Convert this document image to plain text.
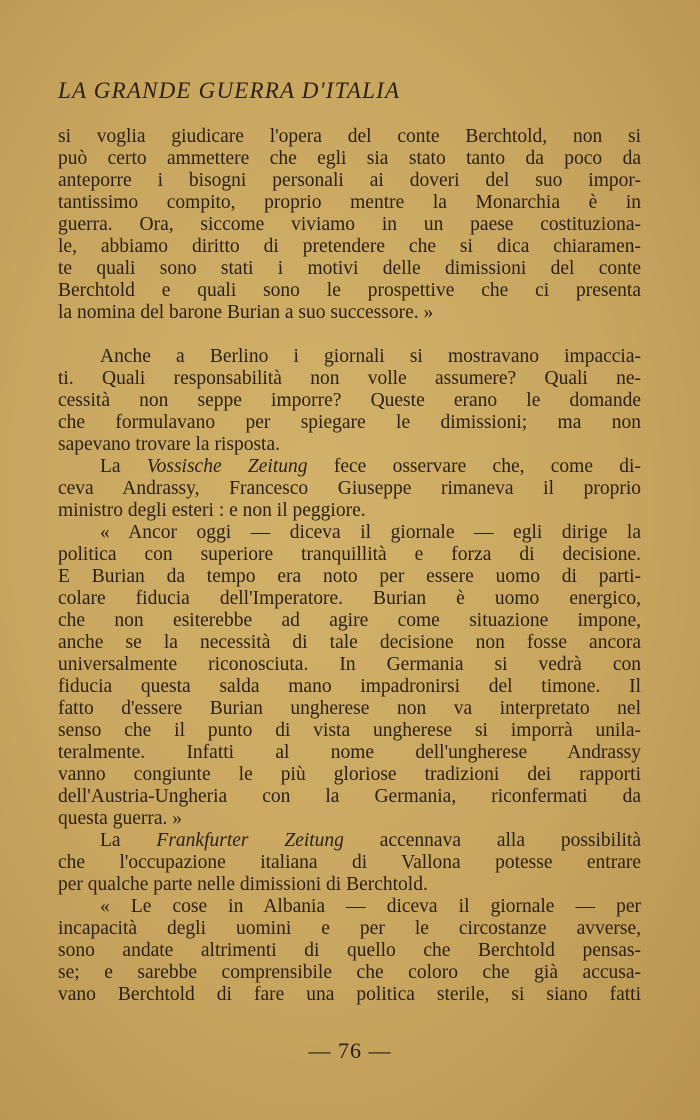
LA GRANDE GUERRA D'ITALIA
si voglia giudicare l'opera del conte Berchtold, non si
può certo ammettere che egli sia stato tanto da poco da
anteporre i bisogni personali ai doveri del suo impor-
tantissimo compito, proprio mentre la Monarchia è in
guerra. Ora, siccome viviamo in un paese costituziona-
le, abbiamo diritto di pretendere che si dica chiaramen-
te quali sono stati i motivi delle dimissioni del conte
Berchtold e quali sono le prospettive che ci presenta
la nomina del barone Burian a suo successore. »
Anche a Berlino i giornali si mostravano impaccia-
ti. Quali responsabilità non volle assumere? Quali ne-
cessità non seppe imporre? Queste erano le domande
che formulavano per spiegare le dimissioni; ma non
sapevano trovare la risposta.
La Vossische Zeitung fece osservare che, come di-
ceva Andrassy, Francesco Giuseppe rimaneva il proprio
ministro degli esteri : e non il peggiore.
« Ancor oggi — diceva il giornale — egli dirige la
politica con superiore tranquillità e forza di decisione.
E Burian da tempo era noto per essere uomo di parti-
colare fiducia dell'Imperatore. Burian è uomo energico,
che non esiterebbe ad agire come situazione impone,
anche se la necessità di tale decisione non fosse ancora
universalmente riconosciuta. In Germania si vedrà con
fiducia questa salda mano impadronirsi del timone. Il
fatto d'essere Burian ungherese non va interpretato nel
senso che il punto di vista ungherese si imporrà unila-
teralmente. Infatti al nome dell'ungherese Andrassy
vanno congiunte le più gloriose tradizioni dei rapporti
dell'Austria-Ungheria con la Germania, riconfermati da
questa guerra. »
La Frankfurter Zeitung accennava alla possibilità
che l'occupazione italiana di Vallona potesse entrare
per qualche parte nelle dimissioni di Berchtold.
« Le cose in Albania — diceva il giornale — per
incapacità degli uomini e per le circostanze avverse,
sono andate altrimenti di quello che Berchtold pensas-
se; e sarebbe comprensibile che coloro che già accusa-
vano Berchtold di fare una politica sterile, si siano fatti
— 76 —
